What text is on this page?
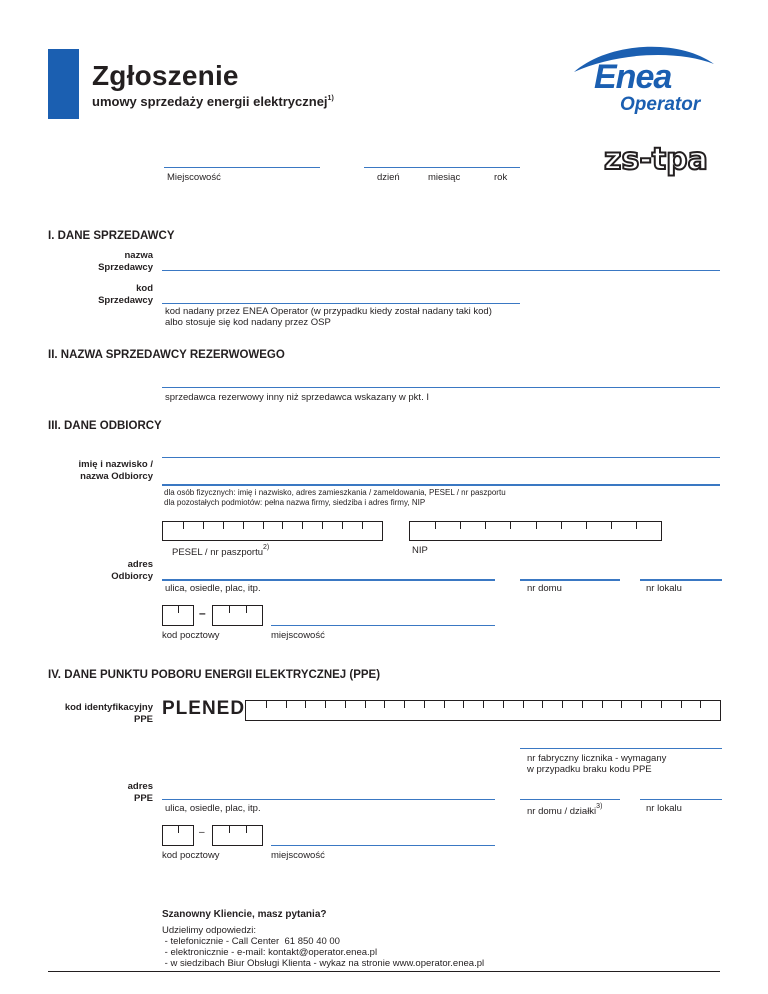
Zgłoszenie
umowy sprzedaży energii elektrycznej$^{1)}$
Enea
Operator
zs-tpa
Miejscowość	dzień	miesiąc	rok
I. DANE SPRZEDAWCY
nazwa
Sprzedawcy
kod
Sprzedawcy
kod nadany przez ENEA Operator (w przypadku kiedy został nadany taki kod)
albo stosuje się kod nadany przez OSP
II. NAZWA SPRZEDAWCY REZERWOWEGO
sprzedawca rezerwowy inny niż sprzedawca wskazany w pkt. I
III. DANE ODBIORCY
imię i nazwisko /
nazwa Odbiorcy
dla osób fizycznych: imię i nazwisko, adres zamieszkania / zameldowania, PESEL / nr paszportu
dla pozostałych podmiotów: pełna nazwa firmy, siedziba i adres firmy, NIP
PESEL / nr paszportu$^{2)}$	NIP
adres
Odbiorcy
ulica, osiedle, plac, itp.	nr domu	nr lokalu
–
kod pocztowy	miejscowość
IV. DANE PUNKTU POBORU ENERGII ELEKTRYCZNEJ (PPE)
kod identyfikacyjny
PPE
PLENED
nr fabryczny licznika - wymagany
w przypadku braku kodu PPE
adres
PPE
ulica, osiedle, plac, itp.	nr domu / działki$^{3)}$	nr lokalu
–
kod pocztowy	miejscowość
Szanowny Kliencie, masz pytania?
Udzielimy odpowiedzi:
- telefonicznie - Call Center  61 850 40 00
- elektronicznie - e-mail: kontakt@operator.enea.pl
- w siedzibach Biur Obsługi Klienta - wykaz na stronie www.operator.enea.pl
